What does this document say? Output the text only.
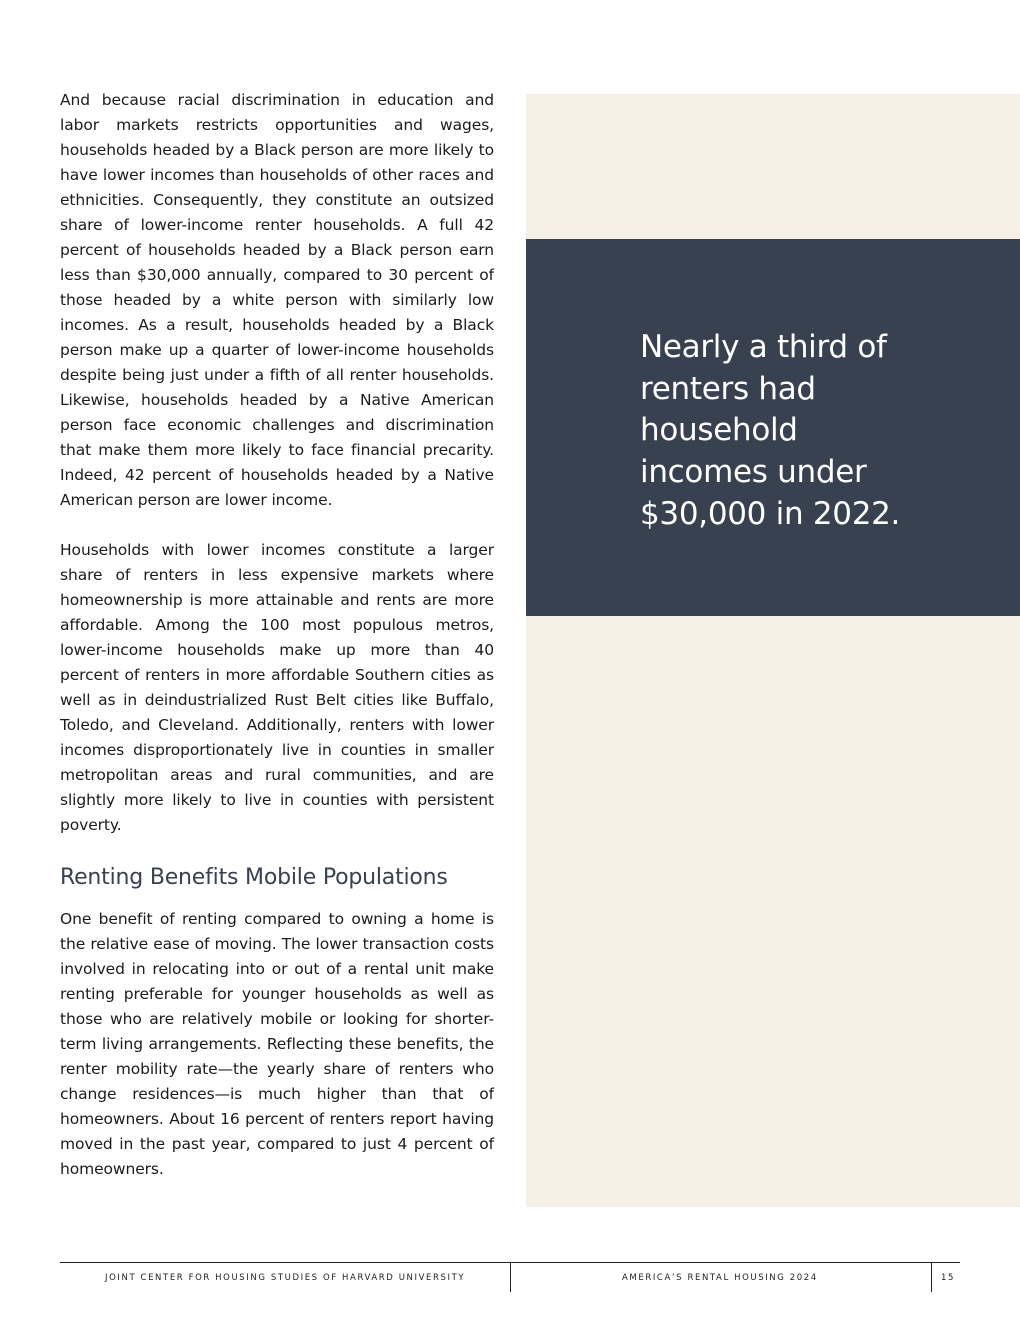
And because racial discrimination in education and labor markets restricts opportunities and wages, households headed by a Black person are more likely to have lower incomes than households of other races and ethnicities. Consequently, they constitute an outsized share of lower-income renter households. A full 42 percent of households headed by a Black person earn less than $30,000 annually, compared to 30 percent of those headed by a white person with similarly low incomes. As a result, households headed by a Black person make up a quarter of lower-income households despite being just under a fifth of all renter households. Likewise, households headed by a Native American person face economic challenges and discrimination that make them more likely to face financial precarity. Indeed, 42 percent of households headed by a Native American person are lower income.

Households with lower incomes constitute a larger share of renters in less expensive markets where homeownership is more attainable and rents are more affordable. Among the 100 most populous metros, lower-income households make up more than 40 percent of renters in more affordable Southern cities as well as in deindustrialized Rust Belt cities like Buffalo, Toledo, and Cleveland. Additionally, renters with lower incomes disproportionately live in counties in smaller metropolitan areas and rural communities, and are slightly more likely to live in counties with persistent poverty.

Renting Benefits Mobile Populations

One benefit of renting compared to owning a home is the relative ease of moving. The lower transaction costs involved in relocating into or out of a rental unit make renting preferable for younger households as well as those who are relatively mobile or looking for shorter-term living arrangements. Reflecting these benefits, the renter mobility rate—the yearly share of renters who change residences—is much higher than that of homeowners. About 16 percent of renters report having moved in the past year, compared to just 4 percent of homeowners.

Nearly a third of renters had household incomes under $30,000 in 2022.
JOINT CENTER FOR HOUSING STUDIES OF HARVARD UNIVERSITY	AMERICA’S RENTAL HOUSING 2024	15
